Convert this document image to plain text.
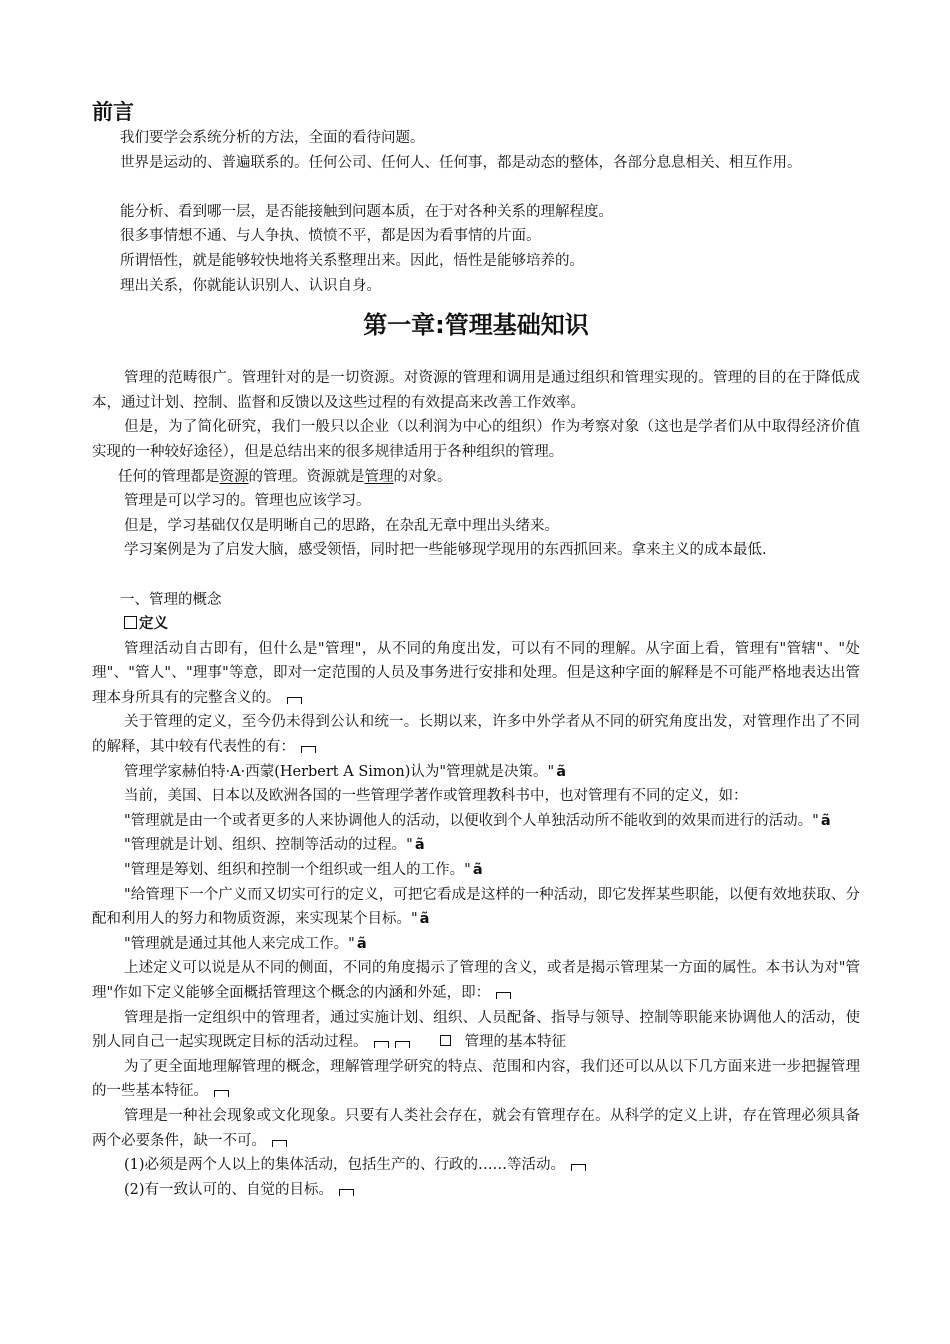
前言

我们要学会系统分析的方法，全面的看待问题。

世界是运动的、普遍联系的。任何公司、任何人、任何事，都是动态的整体，各部分息息相关、相互作用。

能分析、看到哪一层，是否能接触到问题本质，在于对各种关系的理解程度。

很多事情想不通、与人争执、愤愤不平，都是因为看事情的片面。

所谓悟性，就是能够较快地将关系整理出来。因此，悟性是能够培养的。

理出关系，你就能认识别人、认识自身。

第一章:管理基础知识

管理的范畴很广。管理针对的是一切资源。对资源的管理和调用是通过组织和管理实现的。管理的目的在于降低成本，通过计划、控制、监督和反馈以及这些过程的有效提高来改善工作效率。

但是，为了简化研究，我们一般只以企业（以利润为中心的组织）作为考察对象（这也是学者们从中取得经济价值实现的一种较好途径），但是总结出来的很多规律适用于各种组织的管理。

任何的管理都是资源的管理。资源就是管理的对象。

管理是可以学习的。管理也应该学习。

但是，学习基础仅仅是明晰自己的思路，在杂乱无章中理出头绪来。

学习案例是为了启发大脑，感受领悟，同时把一些能够现学现用的东西抓回来。拿来主义的成本最低.

一、管理的概念

定义

管理活动自古即有，但什么是"管理"，从不同的角度出发，可以有不同的理解。从字面上看，管理有"管辖"、"处理"、"管人"、"理事"等意，即对一定范围的人员及事务进行安排和处理。但是这种字面的解释是不可能严格地表达出管理本身所具有的完整含义的。

关于管理的定义，至今仍未得到公认和统一。长期以来，许多中外学者从不同的研究角度出发，对管理作出了不同的解释，其中较有代表性的有：

管理学家赫伯特·A·西蒙(Herbert A Simon)认为"管理就是决策。" ã

当前，美国、日本以及欧洲各国的一些管理学著作或管理教科书中，也对管理有不同的定义，如：

"管理就是由一个或者更多的人来协调他人的活动，以便收到个人单独活动所不能收到的效果而进行的活动。" ã

"管理就是计划、组织、控制等活动的过程。" ã

"管理是筹划、组织和控制一个组织或一组人的工作。" ã

"给管理下一个广义而又切实可行的定义，可把它看成是这样的一种活动，即它发挥某些职能，以便有效地获取、分配和利用人的努力和物质资源，来实现某个目标。" ã

"管理就是通过其他人来完成工作。" ã

上述定义可以说是从不同的侧面，不同的角度揭示了管理的含义，或者是揭示管理某一方面的属性。本书认为对"管理"作如下定义能够全面概括管理这个概念的内涵和外延，即：

管理是指一定组织中的管理者，通过实施计划、组织、人员配备、指导与领导、控制等职能来协调他人的活动，使别人同自己一起实现既定目标的活动过程。	管理的基本特征

为了更全面地理解管理的概念，理解管理学研究的特点、范围和内容，我们还可以从以下几方面来进一步把握管理的一些基本特征。

管理是一种社会现象或文化现象。只要有人类社会存在，就会有管理存在。从科学的定义上讲，存在管理必须具备两个必要条件，缺一不可。

(1)必须是两个人以上的集体活动，包括生产的、行政的……等活动。

(2)有一致认可的、自觉的目标。
